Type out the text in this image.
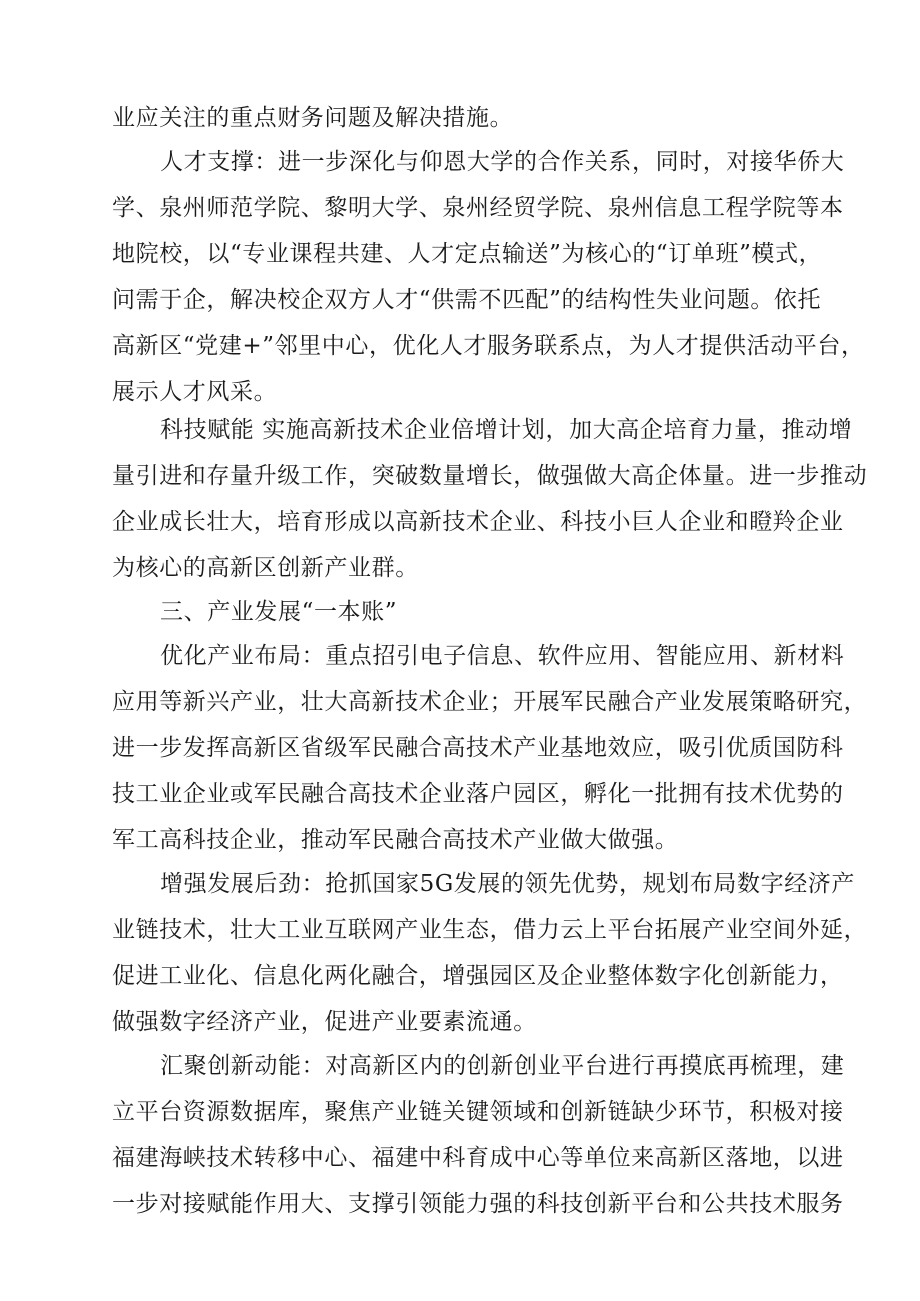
业应关注的重点财务问题及解决措施。
人才支撑：进一步深化与仰恩大学的合作关系，同时，对接华侨大
学、泉州师范学院、黎明大学、泉州经贸学院、泉州信息工程学院等本
地院校，以“专业课程共建、人才定点输送”为核心的“订单班”模式，
问需于企，解决校企双方人才“供需不匹配”的结构性失业问题。依托
高新区“党建+”邻里中心，优化人才服务联系点，为人才提供活动平台，
展示人才风采。
科技赋能 实施高新技术企业倍增计划，加大高企培育力量，推动增
量引进和存量升级工作，突破数量增长，做强做大高企体量。进一步推动
企业成长壮大，培育形成以高新技术企业、科技小巨人企业和瞪羚企业
为核心的高新区创新产业群。
三、产业发展“一本账”
优化产业布局：重点招引电子信息、软件应用、智能应用、新材料
应用等新兴产业，壮大高新技术企业；开展军民融合产业发展策略研究，
进一步发挥高新区省级军民融合高技术产业基地效应，吸引优质国防科
技工业企业或军民融合高技术企业落户园区，孵化一批拥有技术优势的
军工高科技企业，推动军民融合高技术产业做大做强。
增强发展后劲：抢抓国家5G发展的领先优势，规划布局数字经济产
业链技术，壮大工业互联网产业生态，借力云上平台拓展产业空间外延，
促进工业化、信息化两化融合，增强园区及企业整体数字化创新能力，
做强数字经济产业，促进产业要素流通。
汇聚创新动能：对高新区内的创新创业平台进行再摸底再梳理，建
立平台资源数据库，聚焦产业链关键领域和创新链缺少环节，积极对接
福建海峡技术转移中心、福建中科育成中心等单位来高新区落地，以进
一步对接赋能作用大、支撑引领能力强的科技创新平台和公共技术服务
